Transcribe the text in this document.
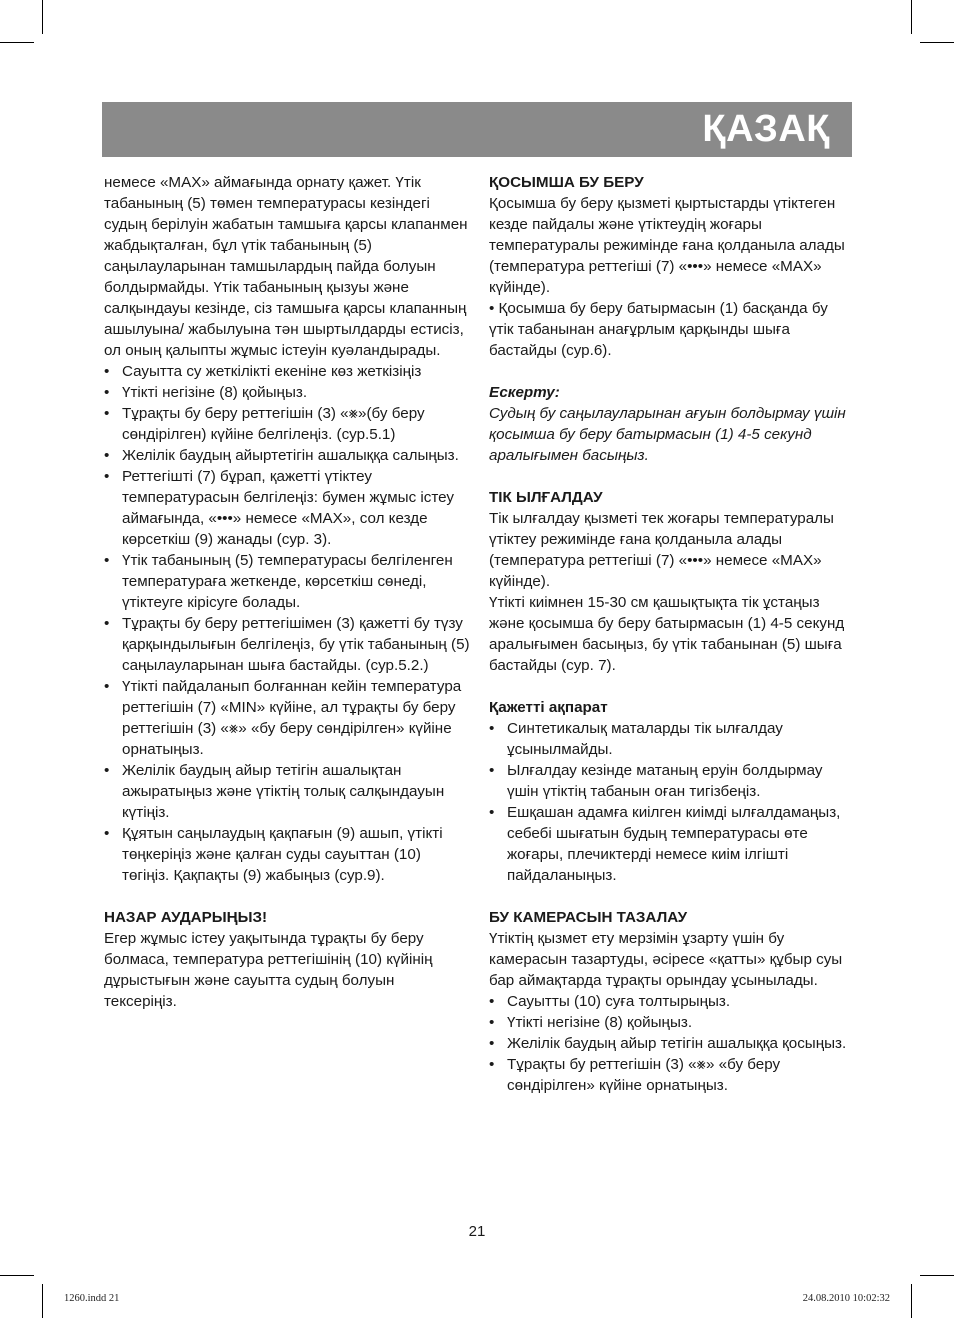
ҚАЗАҚ

немесе «MAX» аймағында орнату қажет. Үтік табанының (5) төмен температурасы кезіндегі судың берілуін жабатын тамшыға қарсы клапанмен жабдықталған, бұл үтік табанының (5) саңылауларынан тамшылардың пайда болуын болдырмайды. Үтік табанының қызуы және салқындауы кезінде, сіз тамшыға қарсы клапанның ашылуына/ жабылуына тән шыртылдарды естисіз, ол оның қалыпты жұмыс істеуін куәландырады.

• Сауытта су жеткілікті екеніне көз жеткізіңіз
• Үтікті негізіне (8) қойыңыз.
• Тұрақты бу беру реттегішін (3) «⨳»(бу беру сөндірілген) күйіне белгілеңіз. (сур.5.1)
• Желілік баудың айыртетігін ашалыққа салыңыз.
• Реттегішті (7) бұрап, қажетті үтіктеу температурасын белгілеңіз: бумен жұмыс істеу аймағында, «•••» немесе «MAX», сол кезде көрсеткіш (9) жанады (сур. 3).
• Үтік табанының (5) температурасы белгіленген температураға жеткенде, көрсеткіш сөнеді, үтіктеуге кірісуге болады.
• Тұрақты бу беру реттегішімен (3) қажетті бу түзу қарқындылығын белгілеңіз, бу үтік табанының (5) саңылауларынан шыға бастайды. (сур.5.2.)
• Үтікті пайдаланып болғаннан кейін температура реттегішін (7) «MIN» күйіне, ал тұрақты бу беру реттегішін (3) «⨳» «бу беру сөндірілген» күйіне орнатыңыз.
• Желілік баудың айыр тетігін ашалықтан ажыратыңыз және үтіктің толық салқындауын күтіңіз.
• Құятын саңылаудың қақпағын (9) ашып, үтікті төңкеріңіз және қалған суды сауыттан (10) төгіңіз. Қақпақты (9) жабыңыз (сур.9).

НАЗАР АУДАРЫҢЫЗ!

Егер жұмыс істеу уақытында тұрақты бу беру болмаса, температура реттегішінің (10) күйінің дұрыстығын және сауытта судың болуын тексеріңіз.

ҚОСЫМША БУ БЕРУ

Қосымша бу беру қызметі қыртыстарды үтіктеген кезде пайдалы және үтіктеудің жоғары температуралы режимінде ғана қолданыла алады (температура реттегіші (7) «•••» немесе «MAX» күйінде).

• Қосымша бу беру батырмасын (1) басқанда бу үтік табанынан анағұрлым қарқынды шыға бастайды (сур.6).

Ескерту:

Судың бу саңылауларынан ағуын болдырмау үшін қосымша бу беру батырмасын (1) 4-5 секунд аралығымен басыңыз.

ТІК ЫЛҒАЛДАУ

Тік ылғалдау қызметі тек жоғары температуралы үтіктеу режимінде ғана қолданыла алады (температура реттегіші (7) «•••» немесе «MAX» күйінде).

Үтікті киімнен 15-30 см қашықтықта тік ұстаңыз және қосымша бу беру батырмасын (1) 4-5 секунд аралығымен басыңыз, бу үтік табанынан (5) шыға бастайды (сур. 7).

Қажетті ақпарат

• Синтетикалық маталарды тік ылғалдау ұсынылмайды.
• Ылғалдау кезінде матаның еруін болдырмау үшін үтіктің табанын оған тигізбеңіз.
• Ешқашан адамға киілген киімді ылғалдамаңыз, себебі шығатын будың температурасы өте жоғары, плечиктерді немесе киім ілгішті пайдаланыңыз.

БУ КАМЕРАСЫН ТАЗАЛАУ

Үтіктің қызмет ету мерзімін ұзарту үшін бу камерасын тазартуды, әсіресе «қатты» құбыр суы бар аймақтарда тұрақты орындау ұсынылады.

• Сауытты (10) суға толтырыңыз.
• Үтікті негізіне (8) қойыңыз.
• Желілік баудың айыр тетігін ашалыққа қосыңыз.
• Тұрақты бу реттегішін (3) «⨳» «бу беру сөндірілген» күйіне орнатыңыз.
21
1260.indd 21	24.08.2010 10:02:32
